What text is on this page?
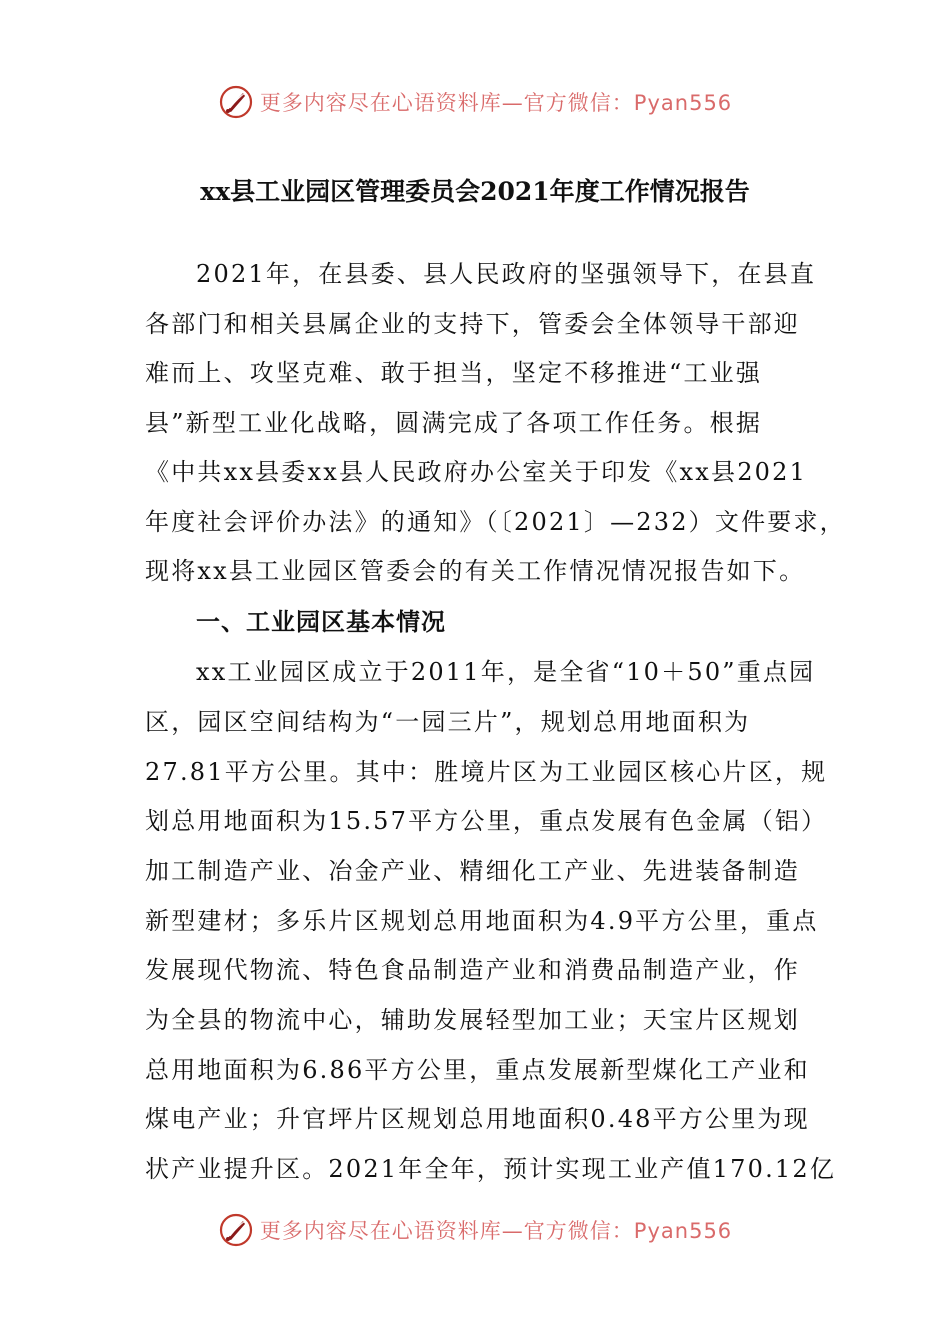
更多内容尽在心语资料库—官方微信：Pyan556
xx县工业园区管理委员会2021年度工作情况报告
2021年，在县委、县人民政府的坚强领导下，在县直
各部门和相关县属企业的支持下，管委会全体领导干部迎
难而上、攻坚克难、敢于担当，坚定不移推进“工业强
县”新型工业化战略，圆满完成了各项工作任务。根据
《中共xx县委xx县人民政府办公室关于印发《xx县2021
年度社会评价办法》的通知》（〔2021〕—232）文件要求，
现将xx县工业园区管委会的有关工作情况情况报告如下。
一、工业园区基本情况
xx工业园区成立于2011年，是全省“10＋50”重点园
区，园区空间结构为“一园三片”，规划总用地面积为
27.81平方公里。其中：胜境片区为工业园区核心片区，规
划总用地面积为15.57平方公里，重点发展有色金属（铝）
加工制造产业、冶金产业、精细化工产业、先进装备制造
新型建材；多乐片区规划总用地面积为4.9平方公里，重点
发展现代物流、特色食品制造产业和消费品制造产业，作
为全县的物流中心，辅助发展轻型加工业；天宝片区规划
总用地面积为6.86平方公里，重点发展新型煤化工产业和
煤电产业；升官坪片区规划总用地面积0.48平方公里为现
状产业提升区。2021年全年，预计实现工业产值170.12亿
更多内容尽在心语资料库—官方微信：Pyan556
